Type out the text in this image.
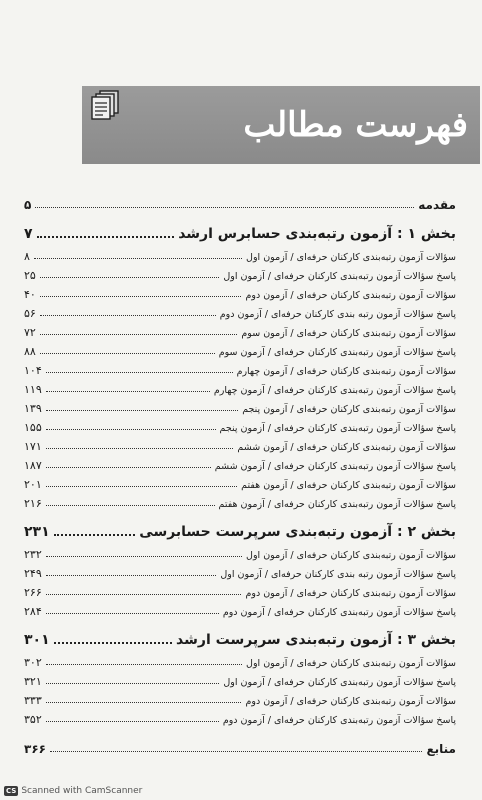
فهرست مطالب
مقدمه
۵
بخش ۱ : آزمون رتبه‌بندی حسابرس ارشد
۷
سؤالات آزمون رتبه‌بندی کارکنان حرفه‌ای / آزمون اول
۸
پاسخ سؤالات آزمون رتبه‌بندی کارکنان حرفه‌ای / آزمون اول
۲۵
سؤالات آزمون رتبه‌بندی کارکنان حرفه‌ای / آزمون دوم
۴۰
پاسخ سؤالات آزمون رتبه بندی کارکنان حرفه‌ای / آزمون دوم
۵۶
سؤالات آزمون رتبه‌بندی کارکنان حرفه‌ای / آزمون سوم
۷۲
پاسخ سؤالات آزمون رتبه‌بندی کارکنان حرفه‌ای / آزمون سوم
۸۸
سؤالات آزمون رتبه‌بندی کارکنان حرفه‌ای / آزمون چهارم
۱۰۴
پاسخ سؤالات آزمون رتبه‌بندی کارکنان حرفه‌ای / آزمون چهارم
۱۱۹
سؤالات آزمون رتبه‌بندی کارکنان حرفه‌ای / آزمون پنجم
۱۳۹
پاسخ سؤالات آزمون رتبه‌بندی کارکنان حرفه‌ای / آزمون پنجم
۱۵۵
سؤالات آزمون رتبه‌بندی کارکنان حرفه‌ای / آزمون ششم
۱۷۱
پاسخ سؤالات آزمون رتبه‌بندی کارکنان حرفه‌ای / آزمون ششم
۱۸۷
سؤالات آزمون رتبه‌بندی کارکنان حرفه‌ای / آزمون هفتم
۲۰۱
پاسخ سؤالات آزمون رتبه‌بندی کارکنان حرفه‌ای / آزمون هفتم
۲۱۶
بخش ۲ : آزمون رتبه‌بندی سرپرست حسابرسی
۲۳۱
سؤالات آزمون رتبه‌بندی کارکنان حرفه‌ای / آزمون اول
۲۳۲
پاسخ سؤالات آزمون رتبه بندی کارکنان حرفه‌ای / آزمون اول
۲۴۹
سؤالات آزمون رتبه‌بندی کارکنان حرفه‌ای / آزمون دوم
۲۶۶
پاسخ سؤالات آزمون رتبه‌بندی کارکنان حرفه‌ای / آزمون دوم
۲۸۴
بخش ۳ : آزمون رتبه‌بندی سرپرست ارشد
۳۰۱
سؤالات آزمون رتبه‌بندی کارکنان حرفه‌ای / آزمون اول
۳۰۲
پاسخ سؤالات آزمون رتبه‌بندی کارکنان حرفه‌ای / آزمون اول
۳۲۱
سؤالات آزمون رتبه‌بندی کارکنان حرفه‌ای / آزمون دوم
۳۳۳
پاسخ سؤالات آزمون رتبه‌بندی کارکنان حرفه‌ای / آزمون دوم
۳۵۲
منابع
۳۶۶
CS Scanned with CamScanner
